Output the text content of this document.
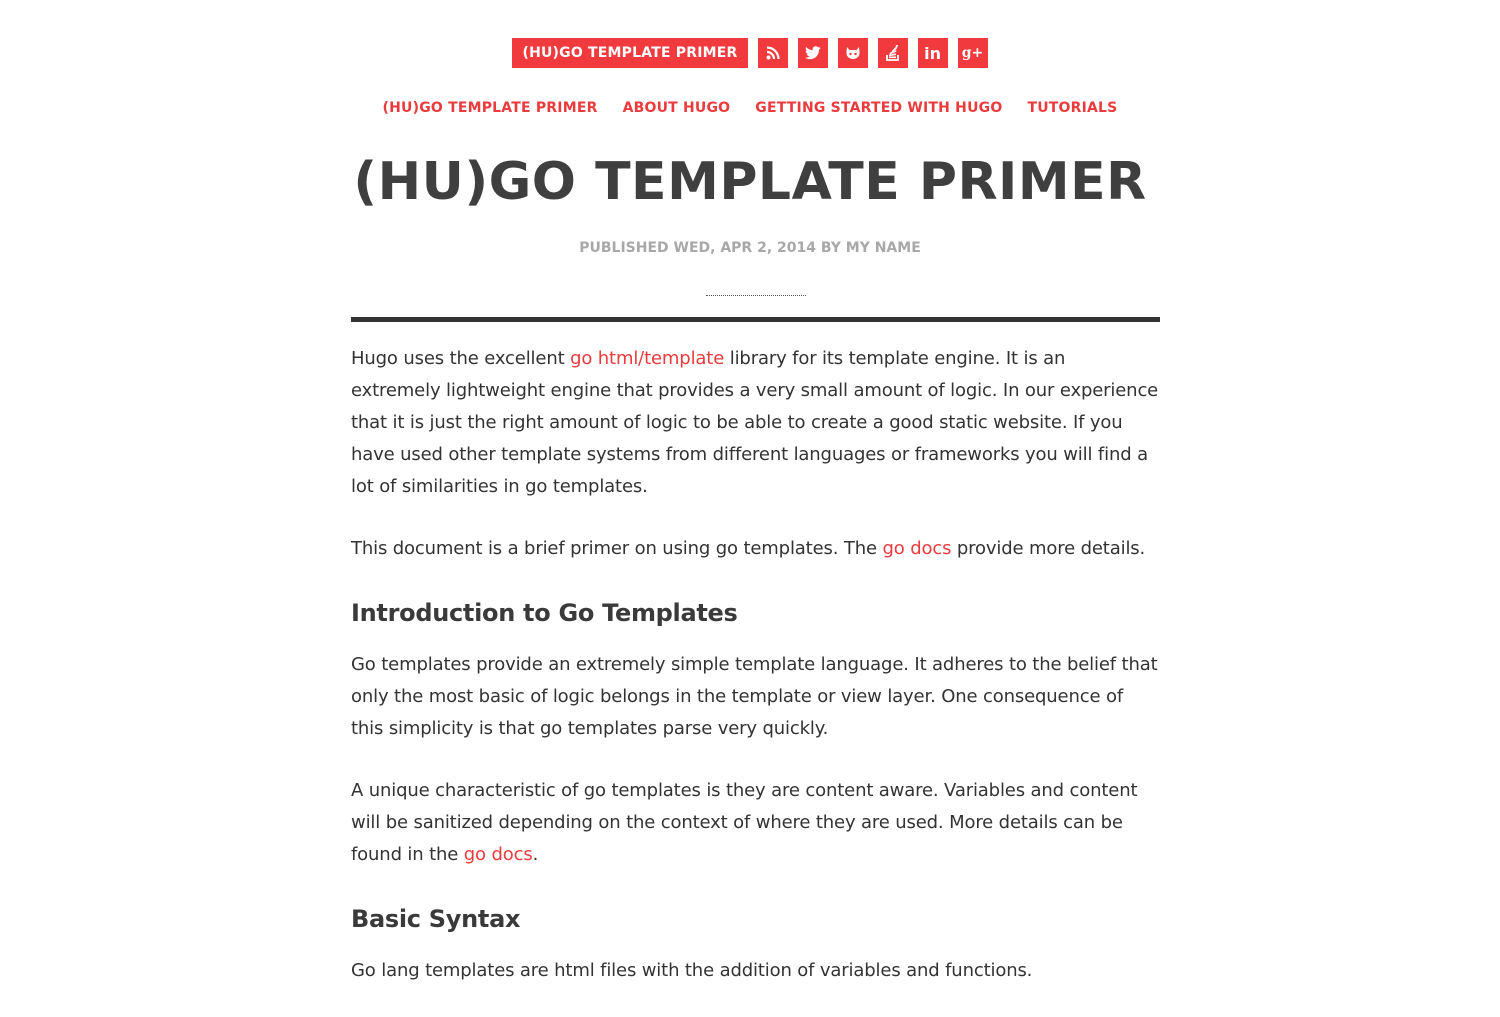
(HU)GO TEMPLATE PRIMER	in g+
(HU)GO TEMPLATE PRIMER ABOUT HUGO GETTING STARTED WITH HUGO TUTORIALS
(HU)GO TEMPLATE PRIMER
PUBLISHED WED, APR 2, 2014 BY MY NAME

Hugo uses the excellent go html/template library for its template engine. It is an extremely lightweight engine that provides a very small amount of logic. In our experience that it is just the right amount of logic to be able to create a good static website. If you have used other template systems from different languages or frameworks you will find a lot of similarities in go templates.

This document is a brief primer on using go templates. The go docs provide more details.

Introduction to Go Templates

Go templates provide an extremely simple template language. It adheres to the belief that only the most basic of logic belongs in the template or view layer. One consequence of this simplicity is that go templates parse very quickly.

A unique characteristic of go templates is they are content aware. Variables and content will be sanitized depending on the context of where they are used. More details can be found in the go docs.

Basic Syntax

Go lang templates are html files with the addition of variables and functions.
